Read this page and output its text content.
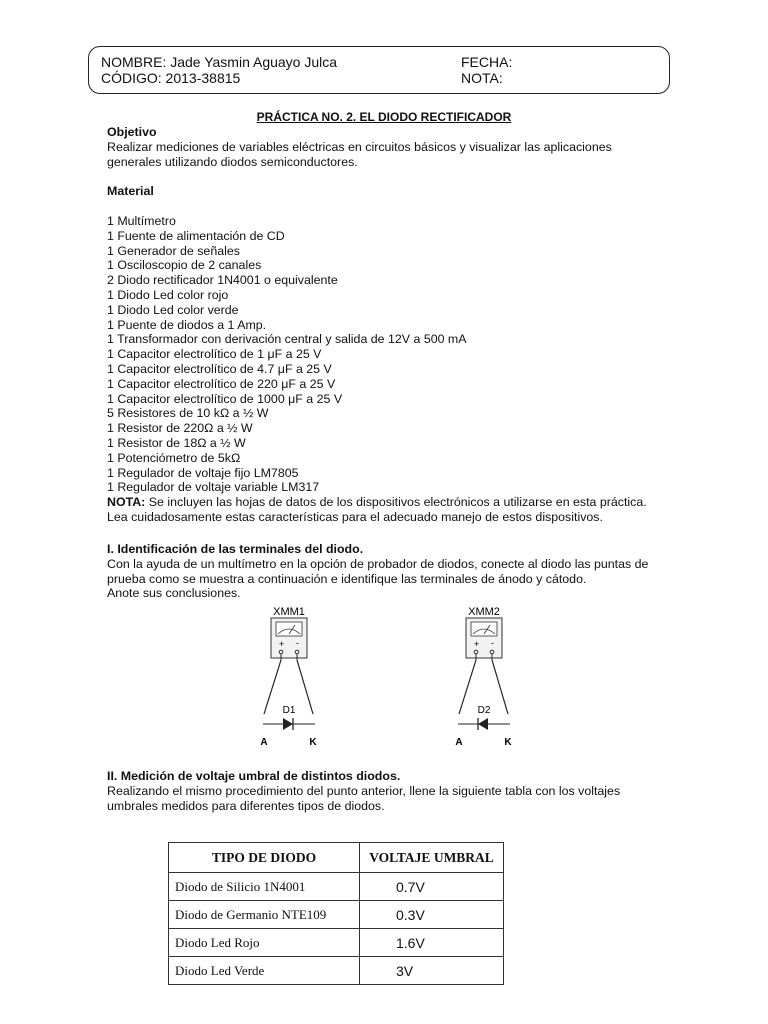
NOMBRE: Jade Yasmin Aguayo Julca
CÓDIGO: 2013-38815
FECHA:
NOTA:
PRÁCTICA NO. 2. EL DIODO RECTIFICADOR

Objetivo

Realizar mediciones de variables eléctricas en circuitos básicos y visualizar las aplicaciones

generales utilizando diodos semiconductores.

Material
1 Multímetro
1 Fuente de alimentación de CD
1 Generador de señales
1 Osciloscopio de 2 canales
2 Diodo rectificador 1N4001 o equivalente
1 Diodo Led color rojo
1 Diodo Led color verde
1 Puente de diodos a 1 Amp.
1 Transformador con derivación central y salida de 12V a 500 mA
1 Capacitor electrolítico de 1 μF a 25 V
1 Capacitor electrolítico de 4.7 μF a 25 V
1 Capacitor electrolítico de 220 μF a 25 V
1 Capacitor electrolítico de 1000 μF a 25 V
5 Resistores de 10 kΩ a ½ W
1 Resistor de 220Ω a ½ W
1 Resistor de 18Ω a ½ W
1 Potenciómetro de 5kΩ
1 Regulador de voltaje fijo LM7805
1 Regulador de voltaje variable LM317
NOTA: Se incluyen las hojas de datos de los dispositivos electrónicos a utilizarse en esta práctica.
Lea cuidadosamente estas características para el adecuado manejo de estos dispositivos.

I. Identificación de las terminales del diodo.

Con la ayuda de un multímetro en la opción de probador de diodos, conecte al diodo las puntas de

prueba como se muestra a continuación e identifique las terminales de ánodo y cátodo.

Anote sus conclusiones.

XMM1
+ -
D1
A	K
XMM2
+ -
D2
A	K

II. Medición de voltaje umbral de distintos diodos.

Realizando el mismo procedimiento del punto anterior, llene la siguiente tabla con los voltajes

umbrales medidos para diferentes tipos de diodos.

TIPO DE DIODO	VOLTAJE UMBRAL
Diodo de Silicio 1N4001	0.7V
Diodo de Germanio NTE109	0.3V
Diodo Led Rojo	1.6V
Diodo Led Verde	3V
